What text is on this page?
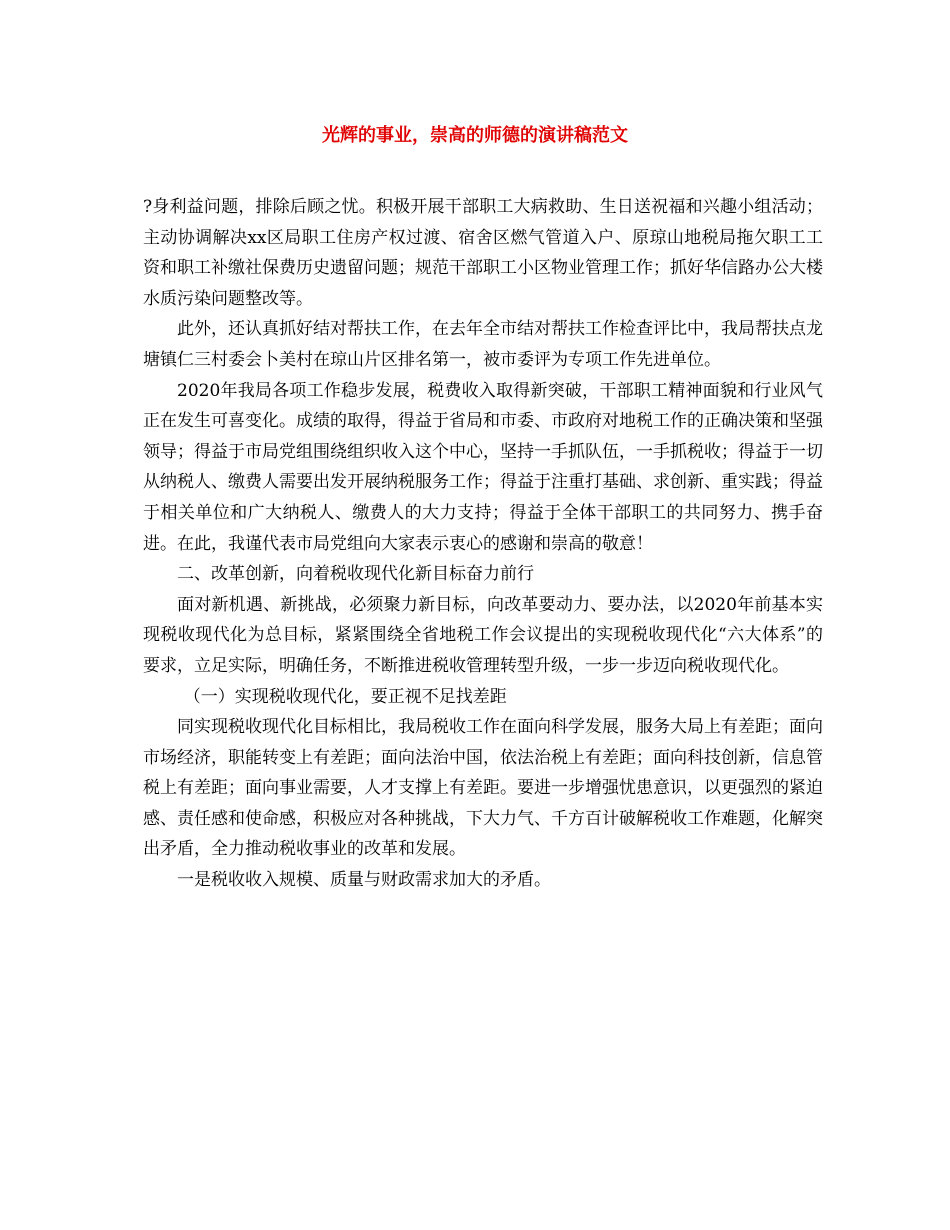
光辉的事业，崇高的师德的演讲稿范文

?身利益问题，排除后顾之忧。积极开展干部职工大病救助、生日送祝福和兴趣小组活动；主动协调解决xx区局职工住房产权过渡、宿舍区燃气管道入户、原琼山地税局拖欠职工工资和职工补缴社保费历史遗留问题；规范干部职工小区物业管理工作；抓好华信路办公大楼水质污染问题整改等。

此外，还认真抓好结对帮扶工作，在去年全市结对帮扶工作检查评比中，我局帮扶点龙塘镇仁三村委会卜美村在琼山片区排名第一，被市委评为专项工作先进单位。

2020年我局各项工作稳步发展，税费收入取得新突破，干部职工精神面貌和行业风气正在发生可喜变化。成绩的取得，得益于省局和市委、市政府对地税工作的正确决策和坚强领导；得益于市局党组围绕组织收入这个中心，坚持一手抓队伍，一手抓税收；得益于一切从纳税人、缴费人需要出发开展纳税服务工作；得益于注重打基础、求创新、重实践；得益于相关单位和广大纳税人、缴费人的大力支持；得益于全体干部职工的共同努力、携手奋进。在此，我谨代表市局党组向大家表示衷心的感谢和崇高的敬意！

二、改革创新，向着税收现代化新目标奋力前行

面对新机遇、新挑战，必须聚力新目标，向改革要动力、要办法，以2020年前基本实现税收现代化为总目标，紧紧围绕全省地税工作会议提出的实现税收现代化“六大体系”的要求，立足实际，明确任务，不断推进税收管理转型升级，一步一步迈向税收现代化。

（一）实现税收现代化，要正视不足找差距

同实现税收现代化目标相比，我局税收工作在面向科学发展，服务大局上有差距；面向市场经济，职能转变上有差距；面向法治中国，依法治税上有差距；面向科技创新，信息管税上有差距；面向事业需要，人才支撑上有差距。要进一步增强忧患意识，以更强烈的紧迫感、责任感和使命感，积极应对各种挑战，下大力气、千方百计破解税收工作难题，化解突出矛盾，全力推动税收事业的改革和发展。

一是税收收入规模、质量与财政需求加大的矛盾。
